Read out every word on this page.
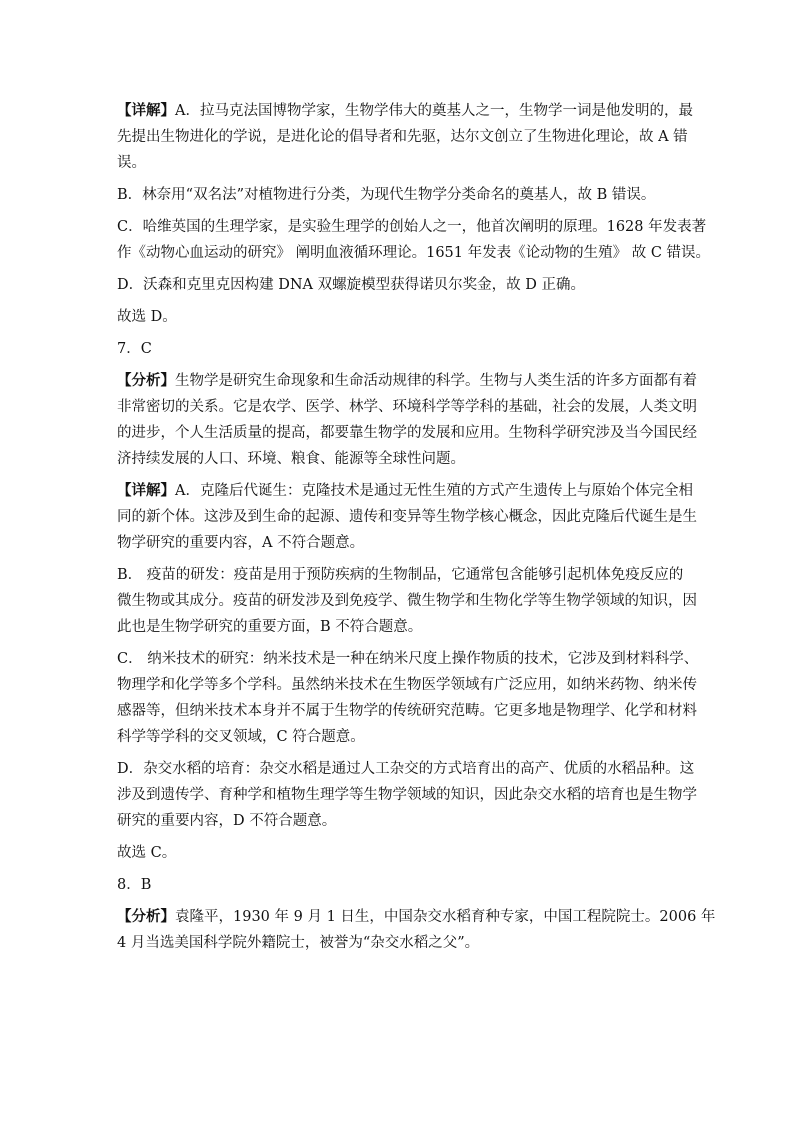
【详解】A．拉马克法国博物学家，生物学伟大的奠基人之一，生物学一词是他发明的，最
先提出生物进化的学说，是进化论的倡导者和先驱，达尔文创立了生物进化理论，故 A 错
误。

B．林奈用“双名法”对植物进行分类，为现代生物学分类命名的奠基人，故 B 错误。

C．哈维英国的生理学家，是实验生理学的创始人之一，他首次阐明的原理。1628 年发表著
作《动物心血运动的研究》 阐明血液循环理论。1651 年发表《论动物的生殖》 故 C 错误。

D．沃森和克里克因构建 DNA 双螺旋模型获得诺贝尔奖金，故 D 正确。

故选 D。

7．C

【分析】生物学是研究生命现象和生命活动规律的科学。生物与人类生活的许多方面都有着
非常密切的关系。它是农学、医学、林学、环境科学等学科的基础，社会的发展，人类文明
的进步，个人生活质量的提高，都要靠生物学的发展和应用。生物科学研究涉及当今国民经
济持续发展的人口、环境、粮食、能源等全球性问题。

【详解】A．克隆后代诞生：克隆技术是通过无性生殖的方式产生遗传上与原始个体完全相
同的新个体。这涉及到生命的起源、遗传和变异等生物学核心概念，因此克隆后代诞生是生
物学研究的重要内容，A 不符合题意。

B． 疫苗的研发：疫苗是用于预防疾病的生物制品，它通常包含能够引起机体免疫反应的
微生物或其成分。疫苗的研发涉及到免疫学、微生物学和生物化学等生物学领域的知识，因
此也是生物学研究的重要方面，B 不符合题意。

C． 纳米技术的研究：纳米技术是一种在纳米尺度上操作物质的技术，它涉及到材料科学、
物理学和化学等多个学科。虽然纳米技术在生物医学领域有广泛应用，如纳米药物、纳米传
感器等，但纳米技术本身并不属于生物学的传统研究范畴。它更多地是物理学、化学和材料
科学等学科的交叉领域，C 符合题意。

D．杂交水稻的培育：杂交水稻是通过人工杂交的方式培育出的高产、优质的水稻品种。这
涉及到遗传学、育种学和植物生理学等生物学领域的知识，因此杂交水稻的培育也是生物学
研究的重要内容，D 不符合题意。

故选 C。

8．B

【分析】袁隆平，1930 年 9 月 1 日生，中国杂交水稻育种专家，中国工程院院士。2006 年
4 月当选美国科学院外籍院士，被誉为“杂交水稻之父”。
